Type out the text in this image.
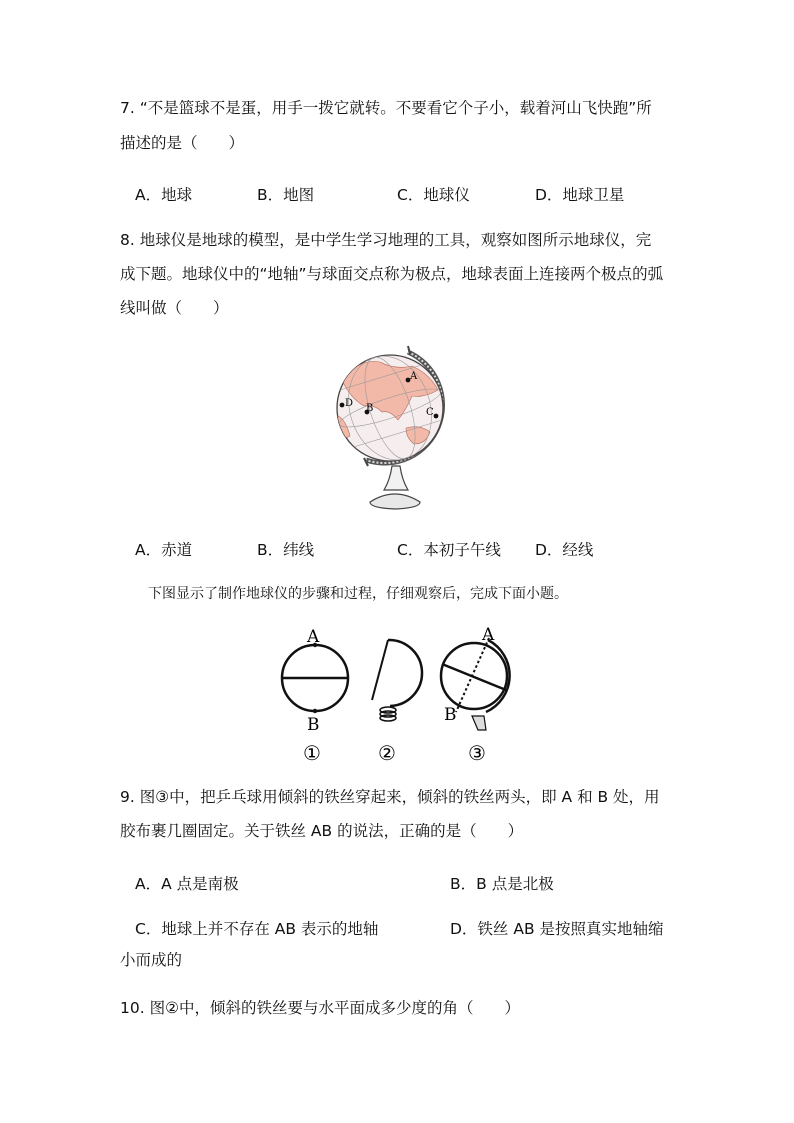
7. “不是篮球不是蛋，用手一拨它就转。不要看它个子小，载着河山飞快跑”所
描述的是（　　）
A．地球	B．地图	C．地球仪	D．地球卫星
8. 地球仪是地球的模型，是中学生学习地理的工具，观察如图所示地球仪，完
成下题。地球仪中的“地轴”与球面交点称为极点，地球表面上连接两个极点的弧
线叫做（　　）
A
B	C
D
A．赤道	B．纬线	C．本初子午线 D．经线
下图显示了制作地球仪的步骤和过程，仔细观察后，完成下面小题。
A
B
①	②
A
B
③
9. 图③中，把乒乓球用倾斜的铁丝穿起来，倾斜的铁丝两头，即 A 和 B 处，用
胶布裹几圈固定。关于铁丝 AB 的说法，正确的是（　　）
A．A 点是南极	B．B 点是北极
C．地球上并不存在 AB 表示的地轴	D．铁丝 AB 是按照真实地轴缩
小而成的
10. 图②中，倾斜的铁丝要与水平面成多少度的角（　　）
